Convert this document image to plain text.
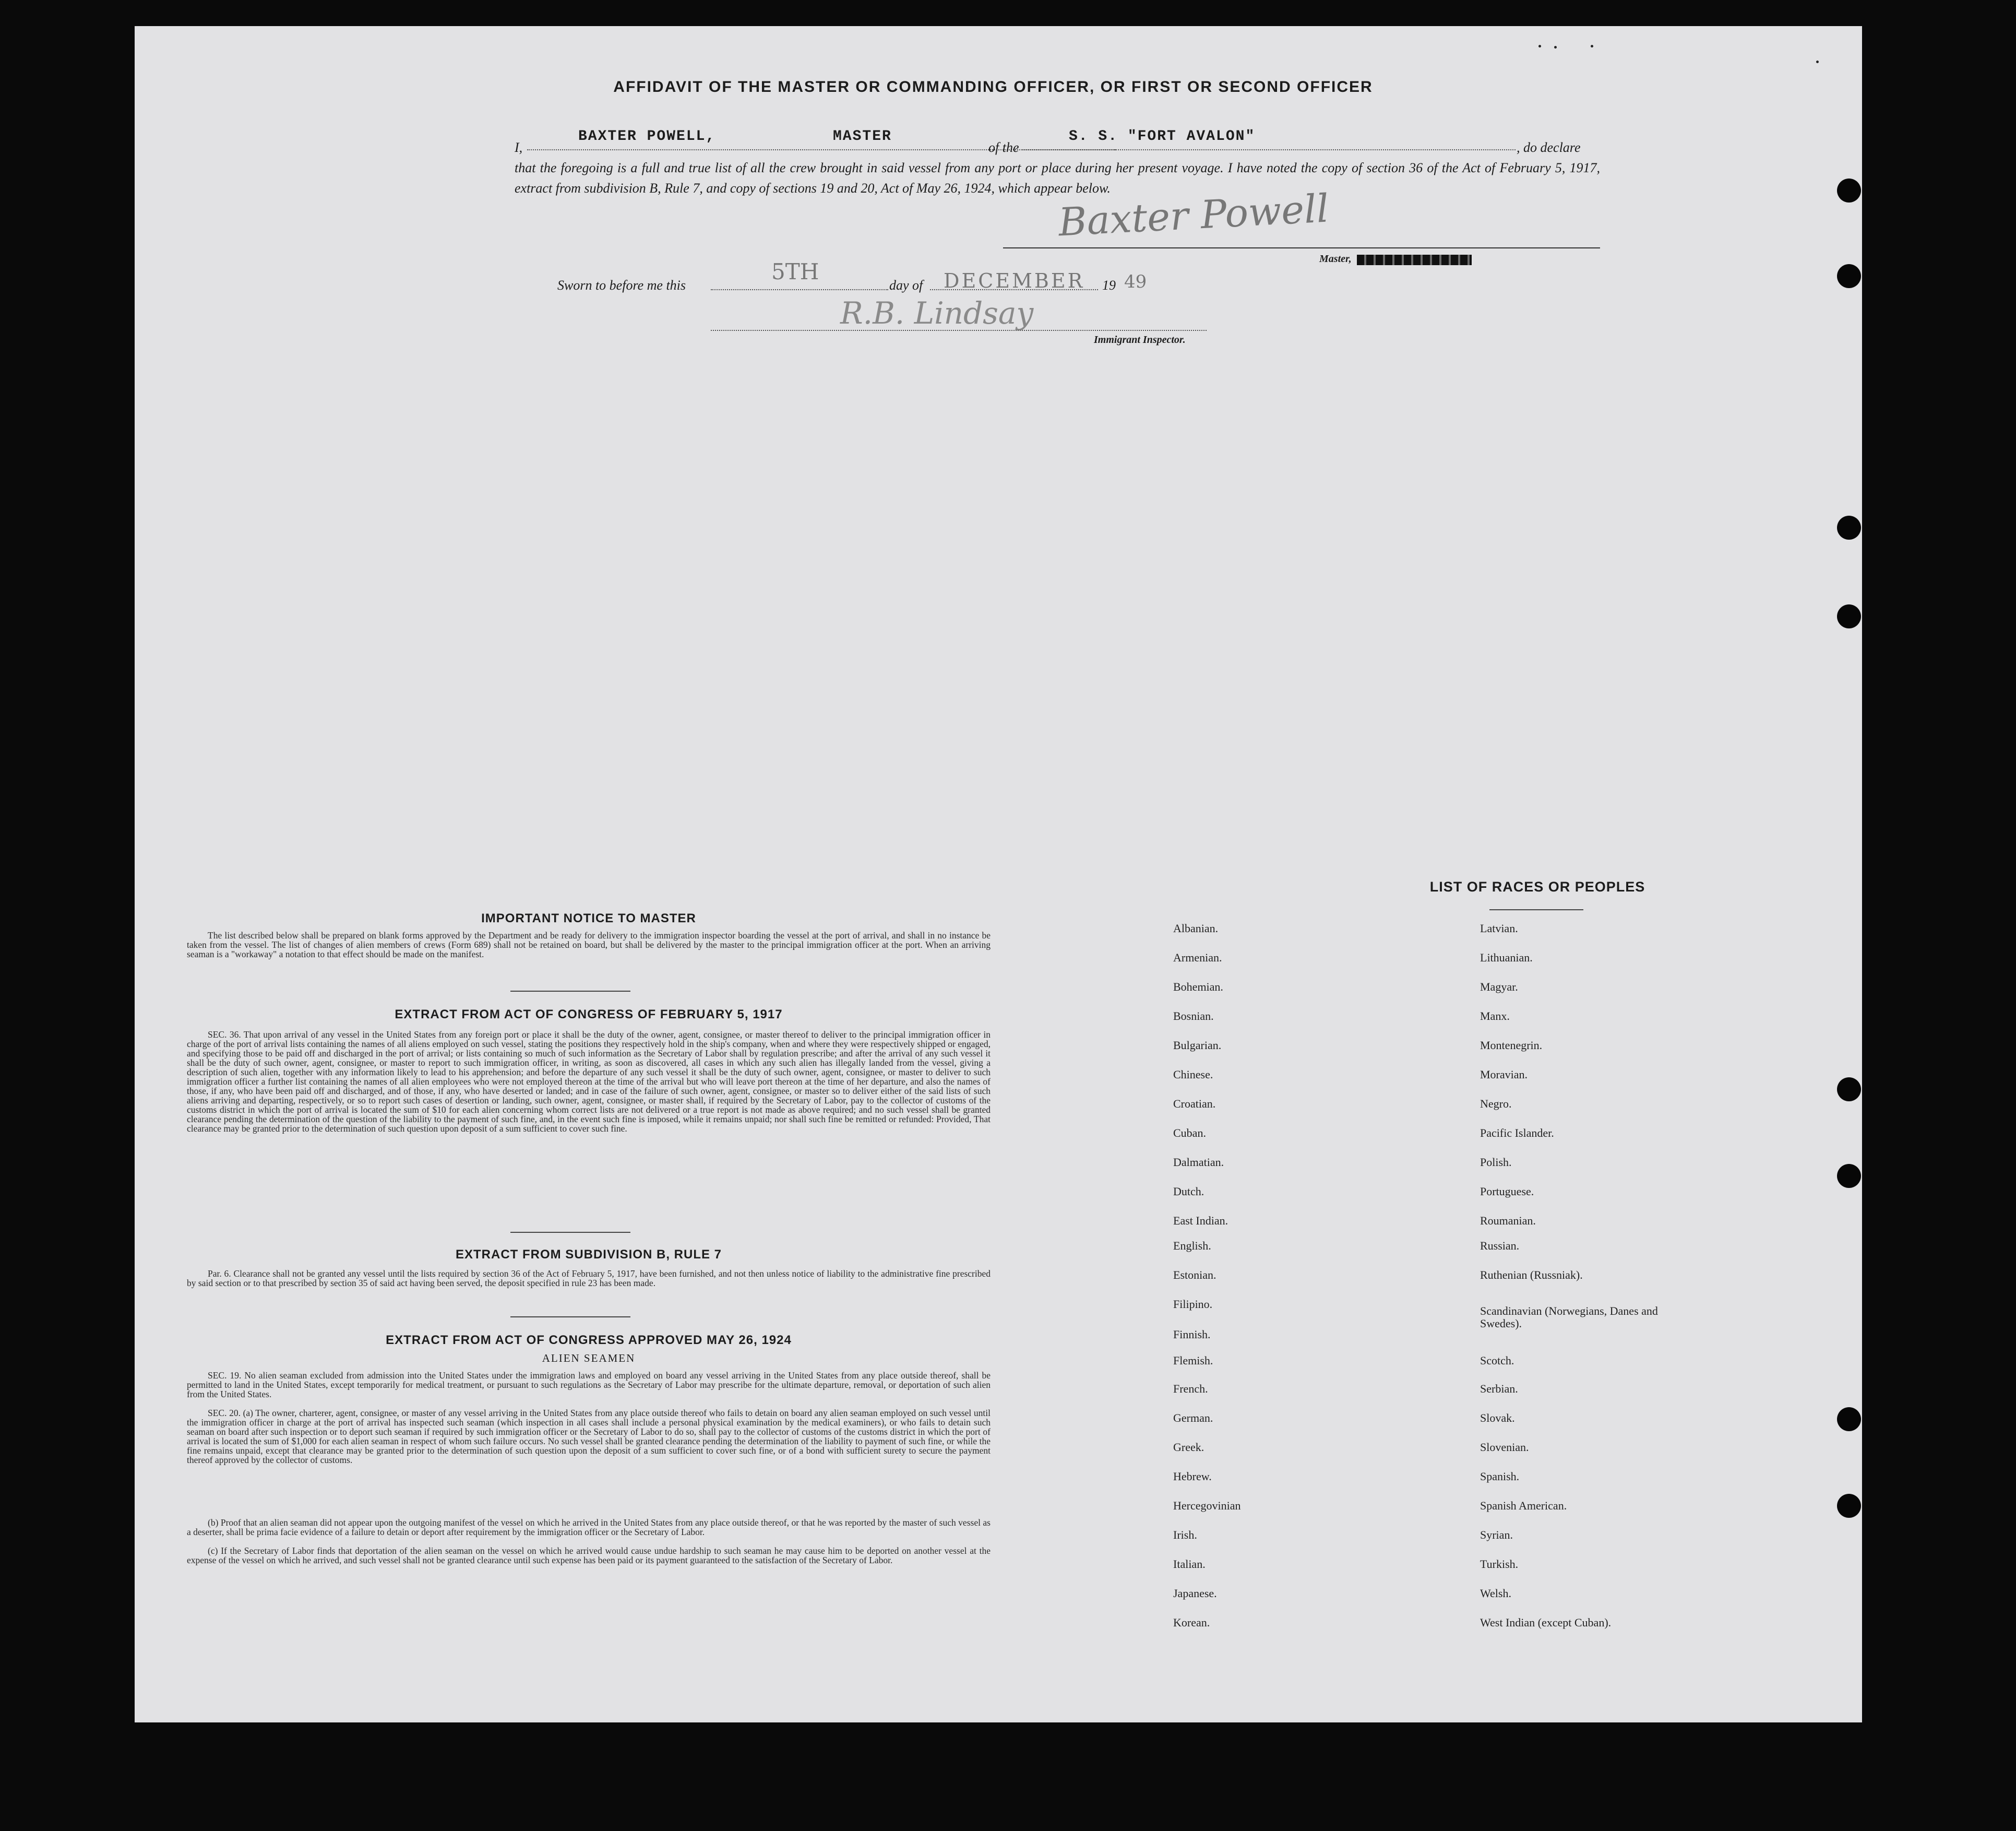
AFFIDAVIT OF THE MASTER OR COMMANDING OFFICER, OR FIRST OR SECOND OFFICER
I,
BAXTER POWELL,	MASTER
of the
S. S. "FORT AVALON"
, do declare
that the foregoing is a full and true list of all the crew brought in said vessel from any port or place during her present voyage. I have noted the copy of section 36 of the Act of February 5, 1917, extract from subdivision B, Rule 7, and copy of sections 19 and 20, Act of May 26, 1924, which appear below.
Baxter Powell
Master,
Sworn to before me this
5TH
day of DECEMBER 19 49
R.B. Lindsay
Immigrant Inspector.
IMPORTANT NOTICE TO MASTER
The list described below shall be prepared on blank forms approved by the Department and be ready for delivery to the immigration inspector boarding the vessel at the port of arrival, and shall in no instance be taken from the vessel. The list of changes of alien members of crews (Form 689) shall not be retained on board, but shall be delivered by the master to the principal immigration officer at the port. When an arriving seaman is a "workaway" a notation to that effect should be made on the manifest.
EXTRACT FROM ACT OF CONGRESS OF FEBRUARY 5, 1917
SEC. 36. That upon arrival of any vessel in the United States from any foreign port or place it shall be the duty of the owner, agent, consignee, or master thereof to deliver to the principal immigration officer in charge of the port of arrival lists containing the names of all aliens employed on such vessel, stating the positions they respectively hold in the ship's company, when and where they were respectively shipped or engaged, and specifying those to be paid off and discharged in the port of arrival; or lists containing so much of such information as the Secretary of Labor shall by regulation prescribe; and after the arrival of any such vessel it shall be the duty of such owner, agent, consignee, or master to report to such immigration officer, in writing, as soon as discovered, all cases in which any such alien has illegally landed from the vessel, giving a description of such alien, together with any information likely to lead to his apprehension; and before the departure of any such vessel it shall be the duty of such owner, agent, consignee, or master to deliver to such immigration officer a further list containing the names of all alien employees who were not employed thereon at the time of the arrival but who will leave port thereon at the time of her departure, and also the names of those, if any, who have been paid off and discharged, and of those, if any, who have deserted or landed; and in case of the failure of such owner, agent, consignee, or master so to deliver either of the said lists of such aliens arriving and departing, respectively, or so to report such cases of desertion or landing, such owner, agent, consignee, or master shall, if required by the Secretary of Labor, pay to the collector of customs of the customs district in which the port of arrival is located the sum of $10 for each alien concerning whom correct lists are not delivered or a true report is not made as above required; and no such vessel shall be granted clearance pending the determination of the question of the liability to the payment of such fine, and, in the event such fine is imposed, while it remains unpaid; nor shall such fine be remitted or refunded: Provided, That clearance may be granted prior to the determination of such question upon deposit of a sum sufficient to cover such fine.
EXTRACT FROM SUBDIVISION B, RULE 7
Par. 6. Clearance shall not be granted any vessel until the lists required by section 36 of the Act of February 5, 1917, have been furnished, and not then unless notice of liability to the administrative fine prescribed by said section or to that prescribed by section 35 of said act having been served, the deposit specified in rule 23 has been made.
EXTRACT FROM ACT OF CONGRESS APPROVED MAY 26, 1924
ALIEN SEAMEN
SEC. 19. No alien seaman excluded from admission into the United States under the immigration laws and employed on board any vessel arriving in the United States from any place outside thereof, shall be permitted to land in the United States, except temporarily for medical treatment, or pursuant to such regulations as the Secretary of Labor may prescribe for the ultimate departure, removal, or deportation of such alien from the United States.
SEC. 20. (a) The owner, charterer, agent, consignee, or master of any vessel arriving in the United States from any place outside thereof who fails to detain on board any alien seaman employed on such vessel until the immigration officer in charge at the port of arrival has inspected such seaman (which inspection in all cases shall include a personal physical examination by the medical examiners), or who fails to detain such seaman on board after such inspection or to deport such seaman if required by such immigration officer or the Secretary of Labor to do so, shall pay to the collector of customs of the customs district in which the port of arrival is located the sum of $1,000 for each alien seaman in respect of whom such failure occurs. No such vessel shall be granted clearance pending the determination of the liability to payment of such fine, or while the fine remains unpaid, except that clearance may be granted prior to the determination of such question upon the deposit of a sum sufficient to cover such fine, or of a bond with sufficient surety to secure the payment thereof approved by the collector of customs.
(b) Proof that an alien seaman did not appear upon the outgoing manifest of the vessel on which he arrived in the United States from any place outside thereof, or that he was reported by the master of such vessel as a deserter, shall be prima facie evidence of a failure to detain or deport after requirement by the immigration officer or the Secretary of Labor.
(c) If the Secretary of Labor finds that deportation of the alien seaman on the vessel on which he arrived would cause undue hardship to such seaman he may cause him to be deported on another vessel at the expense of the vessel on which he arrived, and such vessel shall not be granted clearance until such expense has been paid or its payment guaranteed to the satisfaction of the Secretary of Labor.
LIST OF RACES OR PEOPLES
Albanian.
Armenian.
Bohemian.
Bosnian.
Bulgarian.
Chinese.
Croatian.
Cuban.
Dalmatian.
Dutch.
East Indian.
English.
Estonian.
Filipino.
Finnish.
Flemish.
French.
German.
Greek.
Hebrew.
Hercegovinian
Irish.
Italian.
Japanese.
Korean.
Latvian.
Lithuanian.
Magyar.
Manx.
Montenegrin.
Moravian.
Negro.
Pacific Islander.
Polish.
Portuguese.
Roumanian.
Russian.
Ruthenian (Russniak).
Scandinavian (Norwegians, Danes and Swedes).
Scotch.
Serbian.
Slovak.
Slovenian.
Spanish.
Spanish American.
Syrian.
Turkish.
Welsh.
West Indian (except Cuban).
